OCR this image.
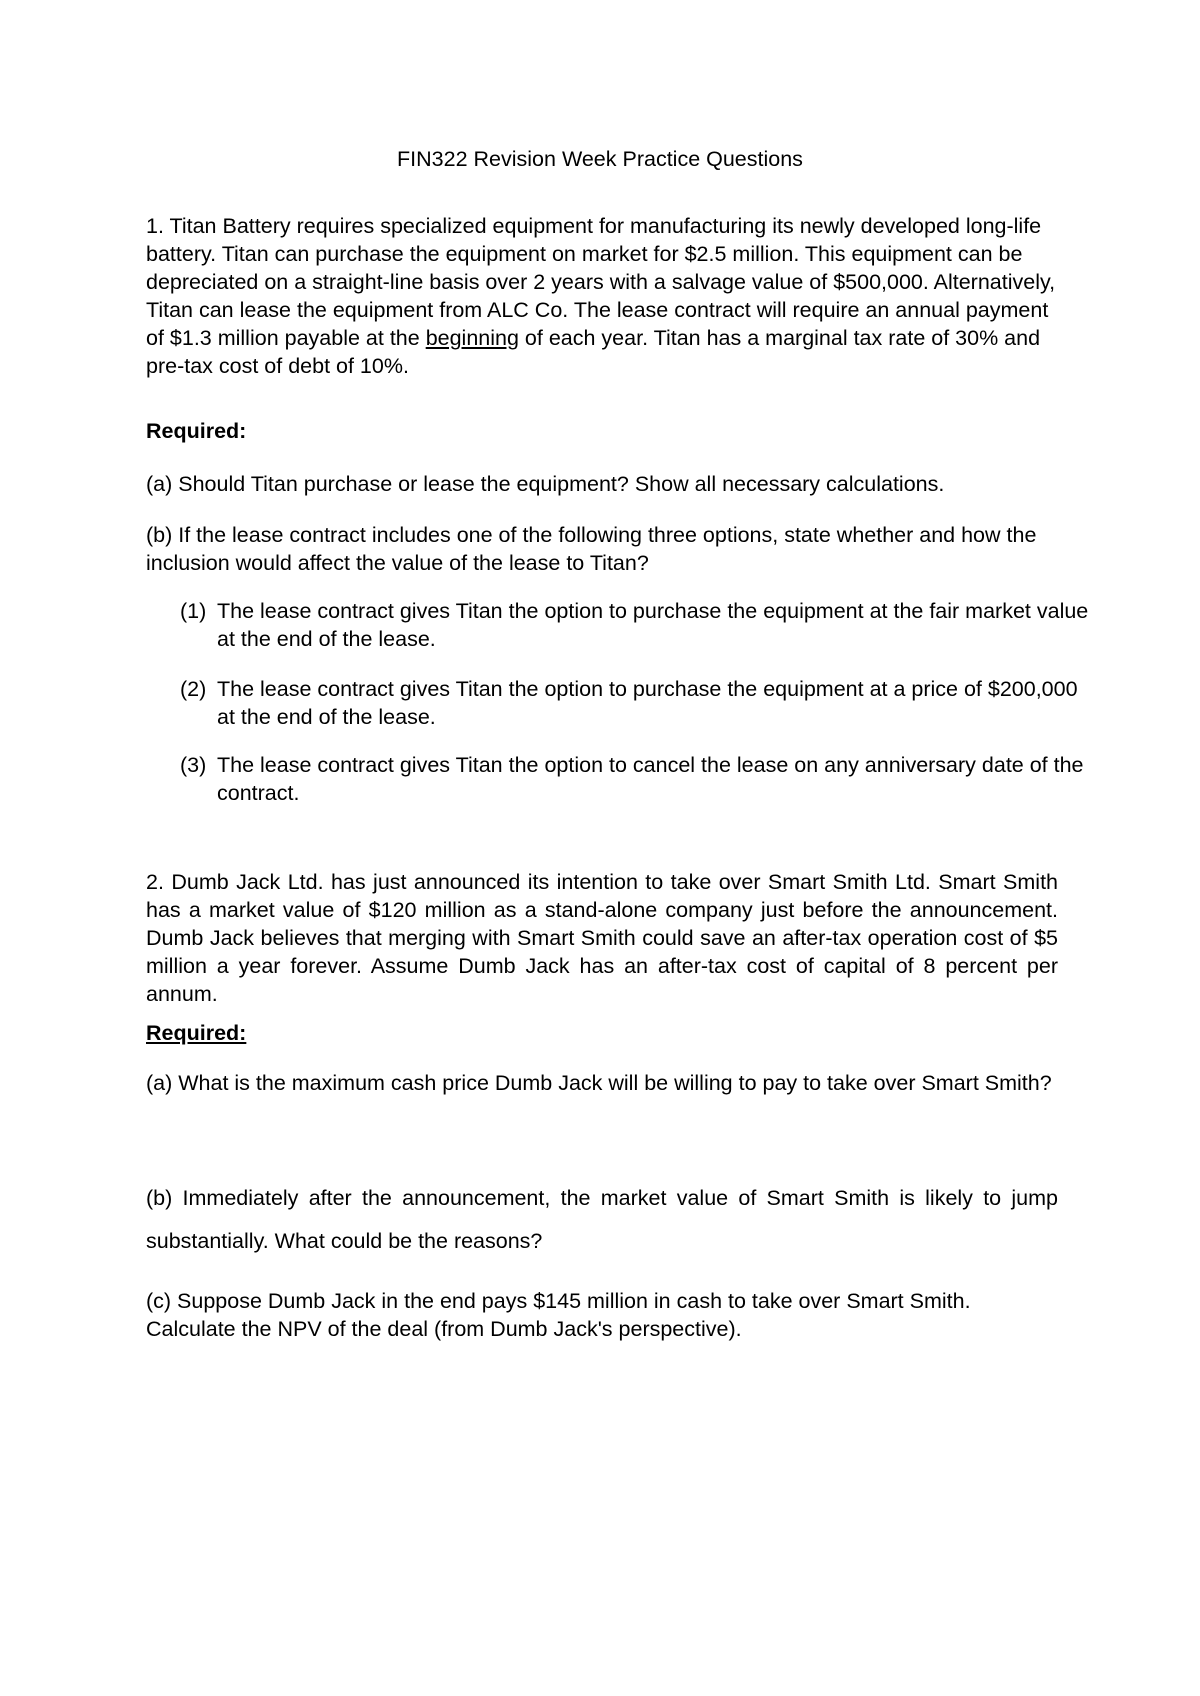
FIN322 Revision Week Practice Questions

1. Titan Battery requires specialized equipment for manufacturing its newly developed long-life battery. Titan can purchase the equipment on market for $2.5 million. This equipment can be depreciated on a straight-line basis over 2 years with a salvage value of $500,000. Alternatively, Titan can lease the equipment from ALC Co. The lease contract will require an annual payment of $1.3 million payable at the beginning of each year. Titan has a marginal tax rate of 30% and pre-tax cost of debt of 10%.

Required:

(a) Should Titan purchase or lease the equipment? Show all necessary calculations.

(b) If the lease contract includes one of the following three options, state whether and how the inclusion would affect the value of the lease to Titan?

(1) The lease contract gives Titan the option to purchase the equipment at the fair market value at the end of the lease.

(2) The lease contract gives Titan the option to purchase the equipment at a price of $200,000 at the end of the lease.

(3) The lease contract gives Titan the option to cancel the lease on any anniversary date of the contract.

2. Dumb Jack Ltd. has just announced its intention to take over Smart Smith Ltd. Smart Smith has a market value of $120 million as a stand-alone company just before the announcement. Dumb Jack believes that merging with Smart Smith could save an after-tax operation cost of $5 million a year forever. Assume Dumb Jack has an after-tax cost of capital of 8 percent per annum.

Required:

(a) What is the maximum cash price Dumb Jack will be willing to pay to take over Smart Smith?

(b) Immediately after the announcement, the market value of Smart Smith is likely to jump substantially. What could be the reasons?

(c) Suppose Dumb Jack in the end pays $145 million in cash to take over Smart Smith. Calculate the NPV of the deal (from Dumb Jack's perspective).
